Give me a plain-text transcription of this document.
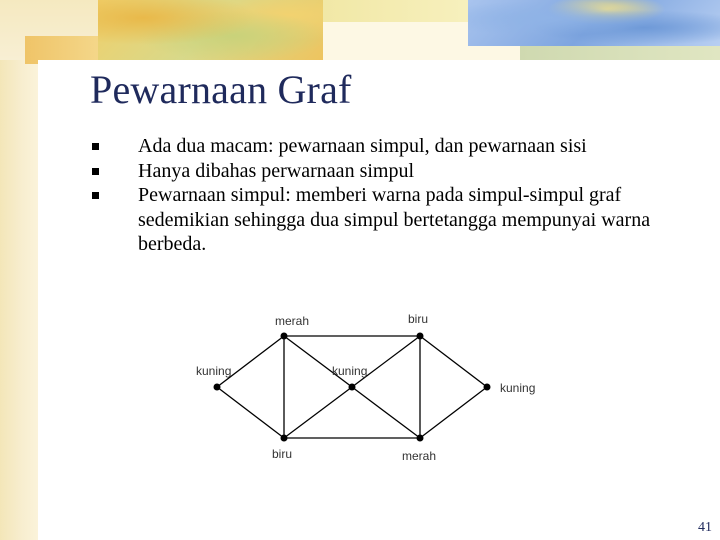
Pewarnaan Graf
Ada dua macam: pewarnaan simpul, dan pewarnaan sisi
Hanya dibahas perwarnaan simpul
Pewarnaan simpul: memberi warna pada simpul-simpul graf sedemikian sehingga dua simpul bertetangga mempunyai warna berbeda.
merah	biru
kuning	kuning
kuning
biru	merah
41
